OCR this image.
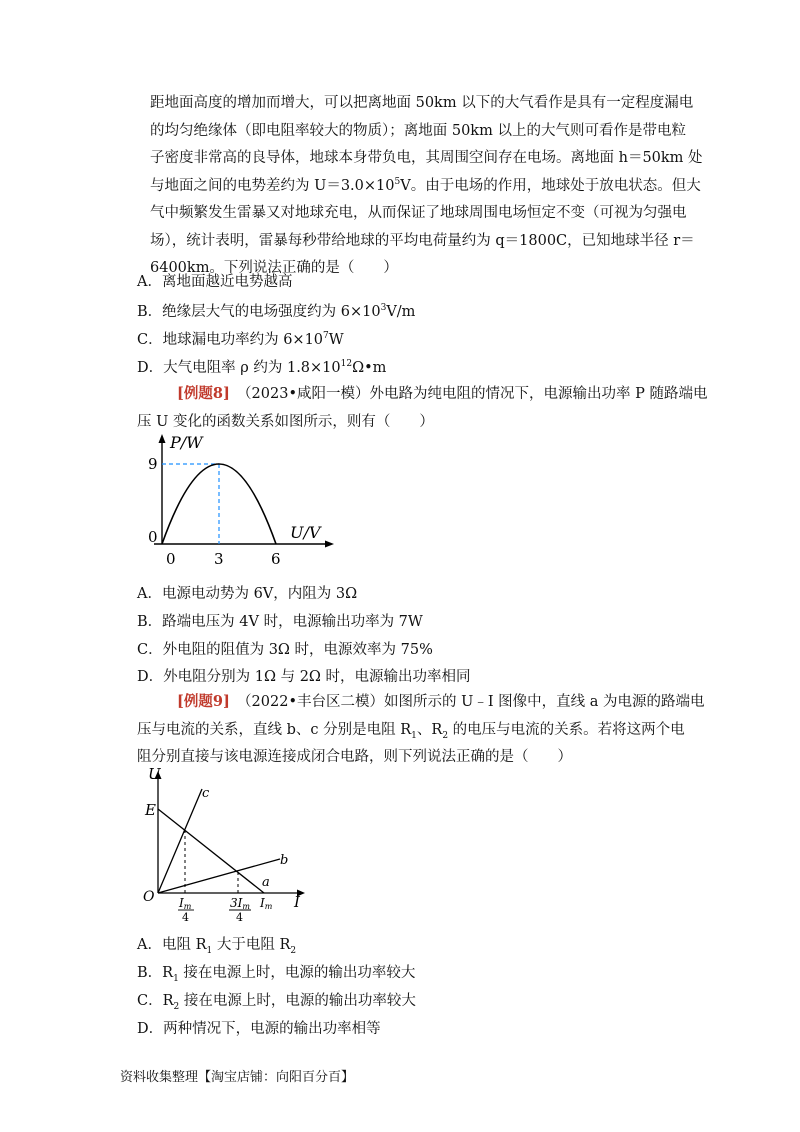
距地面高度的增加而增大，可以把离地面 50km 以下的大气看作是具有一定程度漏电
的均匀绝缘体（即电阻率较大的物质）；离地面 50km 以上的大气则可看作是带电粒
子密度非常高的良导体，地球本身带负电，其周围空间存在电场。离地面 h＝50km 处
与地面之间的电势差约为 $U=3.0\times 10^5V$。由于电场的作用，地球处于放电状态。但大
气中频繁发生雷暴又对地球充电，从而保证了地球周围电场恒定不变（可视为匀强电
场），统计表明，雷暴每秒带给地球的平均电荷量约为 q＝1800C，已知地球半径 r＝
6400km。下列说法正确的是（　　）

A．离地面越近电势越高

B．绝缘层大气的电场强度约为 $6\times 10^3V/m$

C．地球漏电功率约为 $6\times 10^7W$

D．大气电阻率 ρ 约为 $1.8\times 10^{12}\Omega•m$

[例题8]　（2023•咸阳一模）外电路为纯电阻的情况下，电源输出功率 P 随路端电
压 U 变化的函数关系如图所示，则有（　　）
P/W
U/V
9
0
0	3	6

A．电源电动势为 6V，内阻为 3Ω

B．路端电压为 4V 时，电源输出功率为 7W

C．外电阻的阻值为 3Ω 时，电源效率为 75%

D．外电阻分别为 1Ω 与 2Ω 时，电源输出功率相同

[例题9]　（2022•丰台区二模）如图所示的 U﹣I 图像中，直线 a 为电源的路端电
压与电流的关系，直线 b、c 分别是电阻 $R_1$、$R_2$ 的电压与电流的关系。若将这两个电
阻分别直接与该电源连接成闭合电路，则下列说法正确的是（　　）
U
E
O	I
c
b
a
Im
4
3Im
4
Im

A．电阻 $R_1$ 大于电阻 $R_2$

B．$R_1$ 接在电源上时，电源的输出功率较大

C．$R_2$ 接在电源上时，电源的输出功率较大

D．两种情况下，电源的输出功率相等

资料收集整理【淘宝店铺：向阳百分百】
